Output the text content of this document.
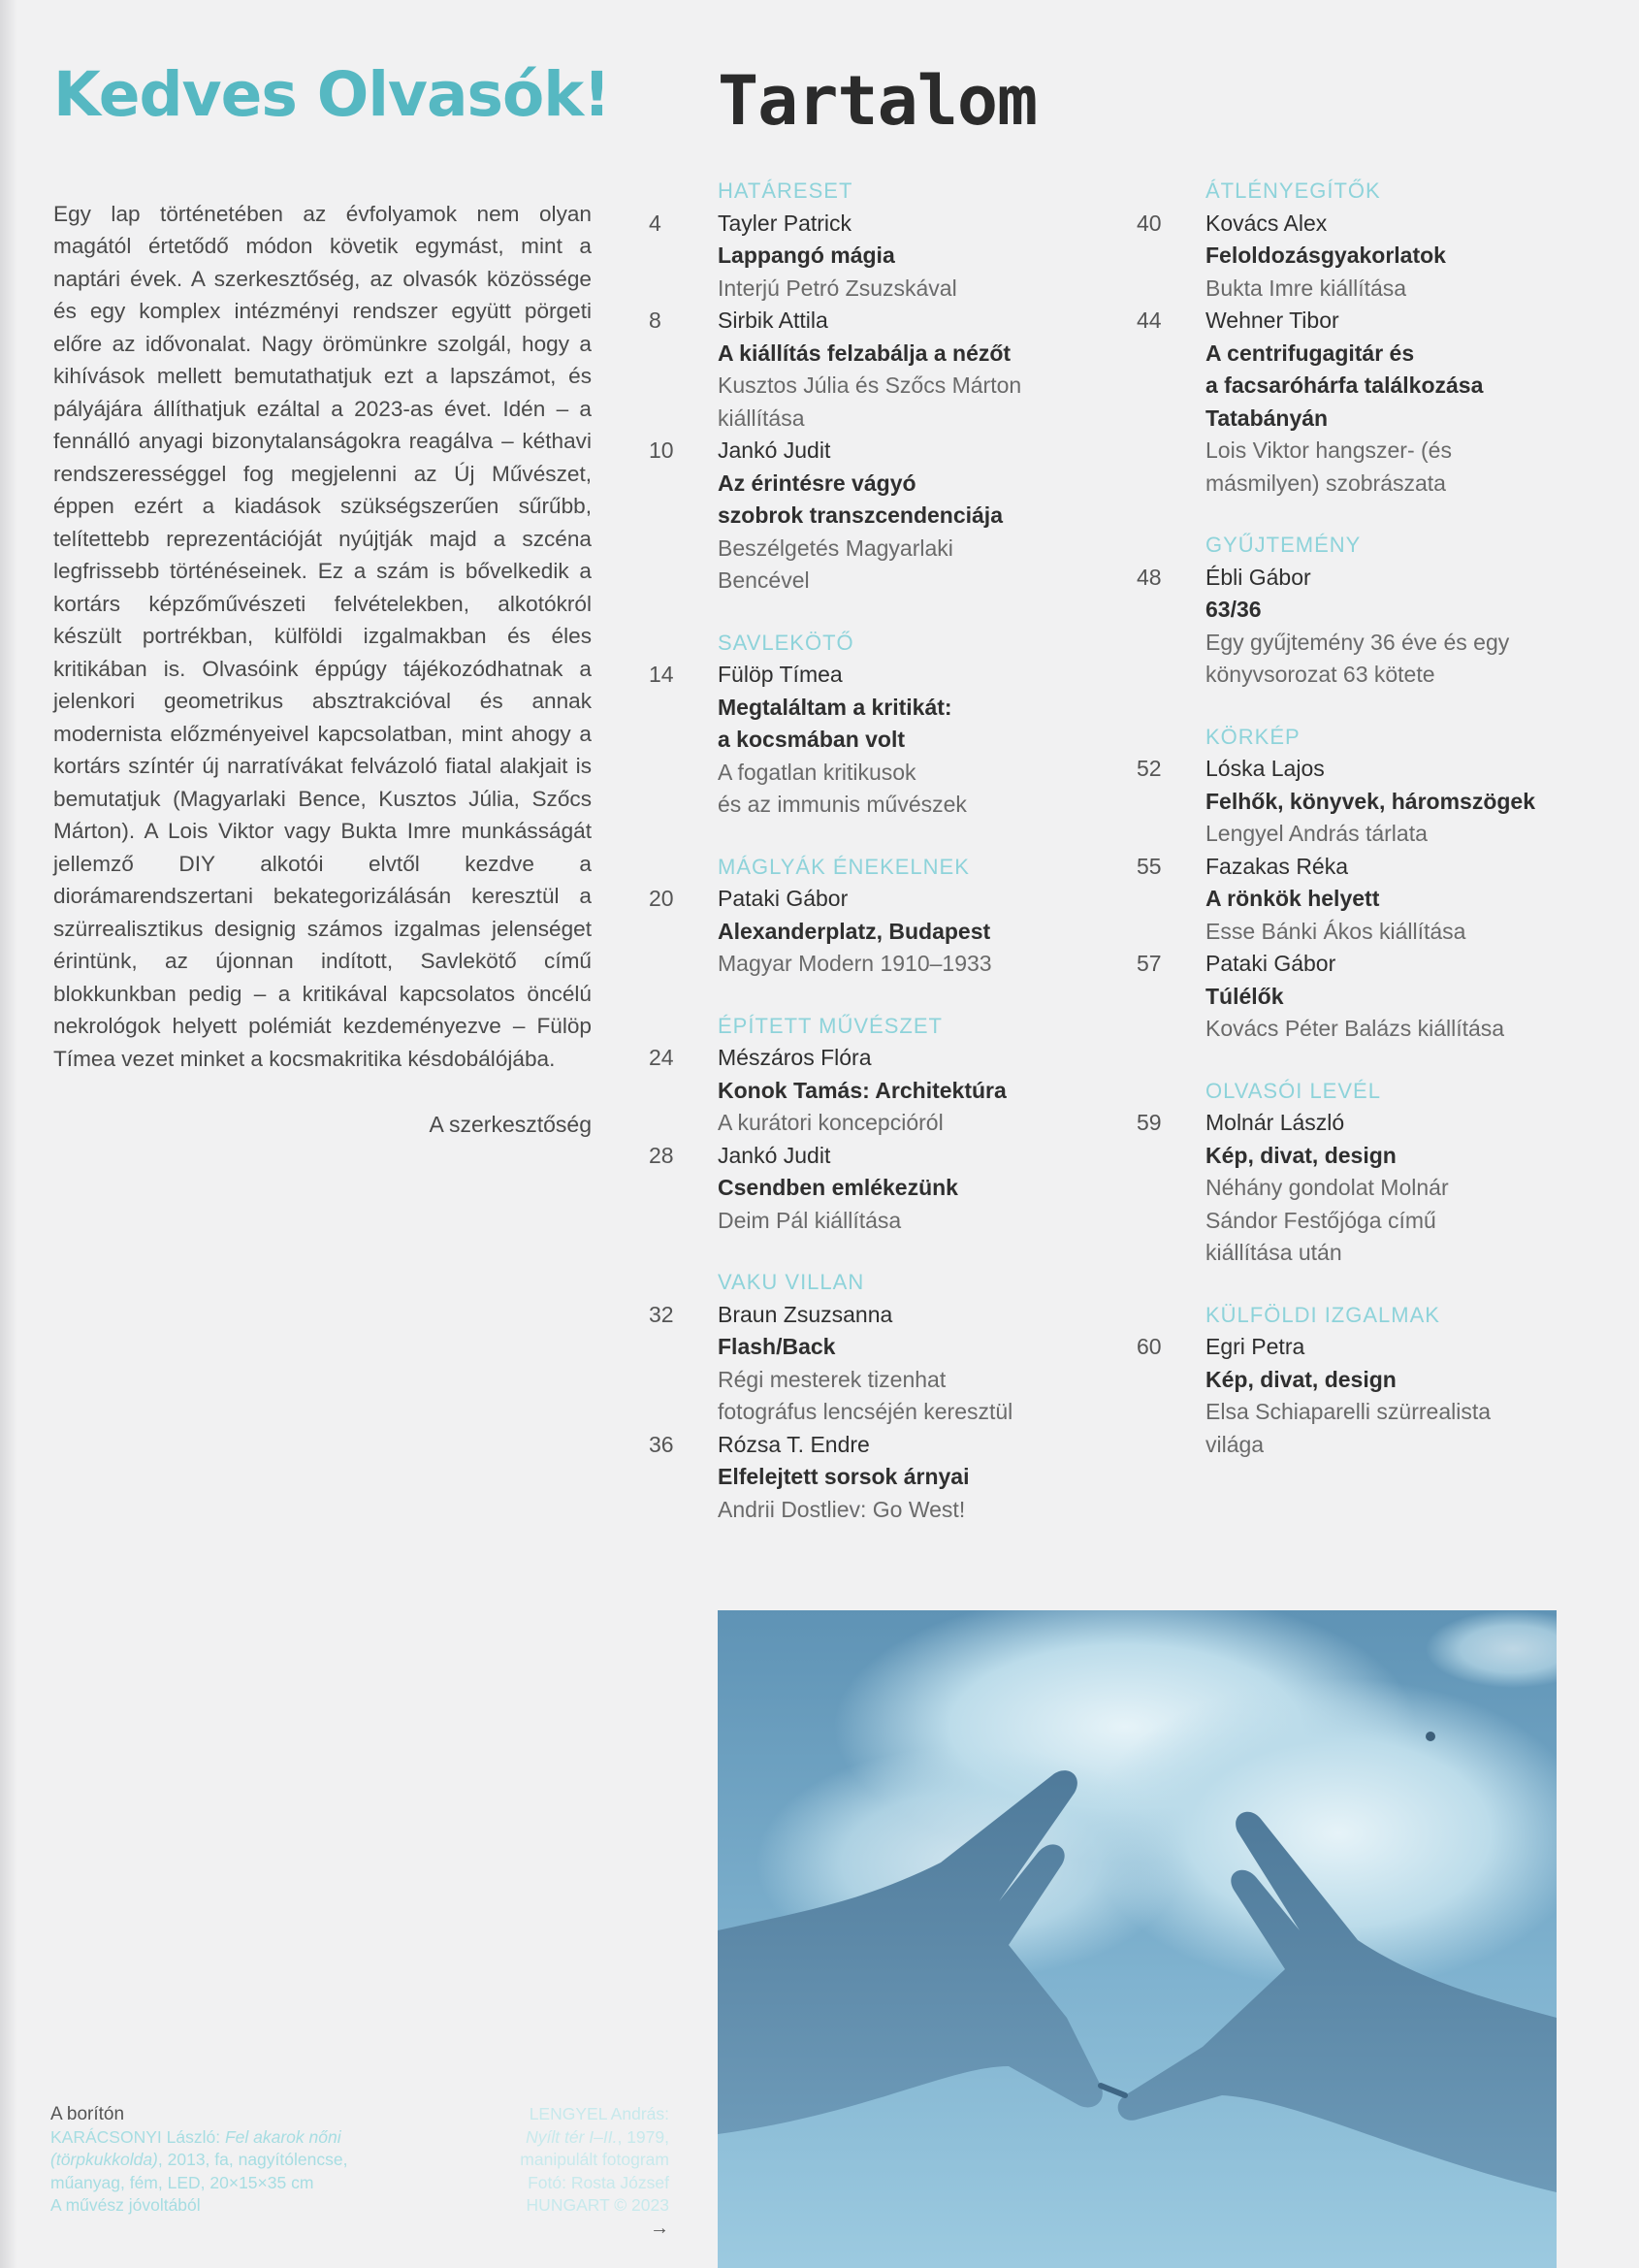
Kedves Olvasók!

Egy lap történetében az évfolyamok nem olyan magától értetődő módon követik egymást, mint a naptári évek. A szerkesztőség, az olvasók közössége és egy komplex intézményi rendszer együtt pörgeti előre az idővonalat. Nagy örömünkre szolgál, hogy a kihívások mellett bemutathatjuk ezt a lapszámot, és pályájára állíthatjuk ezáltal a 2023-as évet. Idén – a fennálló anyagi bizonytalanságokra reagálva – kéthavi rendszerességgel fog megjelenni az Új Művészet, éppen ezért a kiadások szükségszerűen sűrűbb, telítettebb reprezentációját nyújtják majd a szcéna legfrissebb történéseinek. Ez a szám is bővelkedik a kortárs képzőművészeti felvételekben, alkotókról készült portrékban, külföldi izgalmakban és éles kritikában is. Olvasóink éppúgy tájékozódhatnak a jelenkori geometrikus absztrakcióval és annak modernista előzményeivel kapcsolatban, mint ahogy a kortárs színtér új narratívákat felvázoló fiatal alakjait is bemutatjuk (Magyarlaki Bence, Kusztos Júlia, Szőcs Márton). A Lois Viktor vagy Bukta Imre munkásságát jellemző DIY alkotói elvtől kezdve a diorámarendszertani bekategorizálásán keresztül a szürrealisztikus designig számos izgalmas jelenséget érintünk, az újonnan indított, Savlekötő című blokkunkban pedig – a kritikával kapcsolatos öncélú nekrológok helyett polémiát kezdeményezve – Fülöp Tímea vezet minket a kocsmakritika késdobálójába.

A szerkesztőség
Tartalom
HATÁRESET
4	Tayler Patrick
Lappangó mágia
Interjú Petró Zsuzskával
8	Sirbik Attila
A kiállítás felzabálja a nézőt
Kusztos Júlia és Szőcs Márton
kiállítása
10	Jankó Judit
Az érintésre vágyó
szobrok transzcendenciája
Beszélgetés Magyarlaki
Bencével
SAVLEKÖTŐ
14	Fülöp Tímea
Megtaláltam a kritikát:
a kocsmában volt
A fogatlan kritikusok
és az immunis művészek
MÁGLYÁK ÉNEKELNEK
20	Pataki Gábor
Alexanderplatz, Budapest
Magyar Modern 1910–1933
ÉPÍTETT MŰVÉSZET
24	Mészáros Flóra
Konok Tamás: Architektúra
A kurátori koncepcióról
28	Jankó Judit
Csendben emlékezünk
Deim Pál kiállítása
VAKU VILLAN
32	Braun Zsuzsanna
Flash/Back
Régi mesterek tizenhat
fotográfus lencséjén keresztül
36	Rózsa T. Endre
Elfelejtett sorsok árnyai
Andrii Dostliev: Go West!
ÁTLÉNYEGÍTŐK
40	Kovács Alex
Feloldozásgyakorlatok
Bukta Imre kiállítása
44	Wehner Tibor
A centrifugagitár és
a facsaróhárfa találkozása
Tatabányán
Lois Viktor hangszer- (és
másmilyen) szobrászata
GYŰJTEMÉNY
48	Ébli Gábor
63/36
Egy gyűjtemény 36 éve és egy
könyvsorozat 63 kötete
KÖRKÉP
52	Lóska Lajos
Felhők, könyvek, háromszögek
Lengyel András tárlata
55	Fazakas Réka
A rönkök helyett
Esse Bánki Ákos kiállítása
57	Pataki Gábor
Túlélők
Kovács Péter Balázs kiállítása
OLVASÓI LEVÉL
59	Molnár László
Kép, divat, design
Néhány gondolat Molnár
Sándor Festőjóga című
kiállítása után
KÜLFÖLDI IZGALMAK
60	Egri Petra
Kép, divat, design
Elsa Schiaparelli szürrealista
világa
A borítón
KARÁCSONYI László: Fel akarok nőni (törpkukkolda), 2013, fa, nagyítólencse, műanyag, fém, LED, 20×15×35 cm
A művész jóvoltából
LENGYEL András:
Nyílt tér I–II., 1979, manipulált fotogram
Fotó: Rosta József
HUNGART © 2023
→
